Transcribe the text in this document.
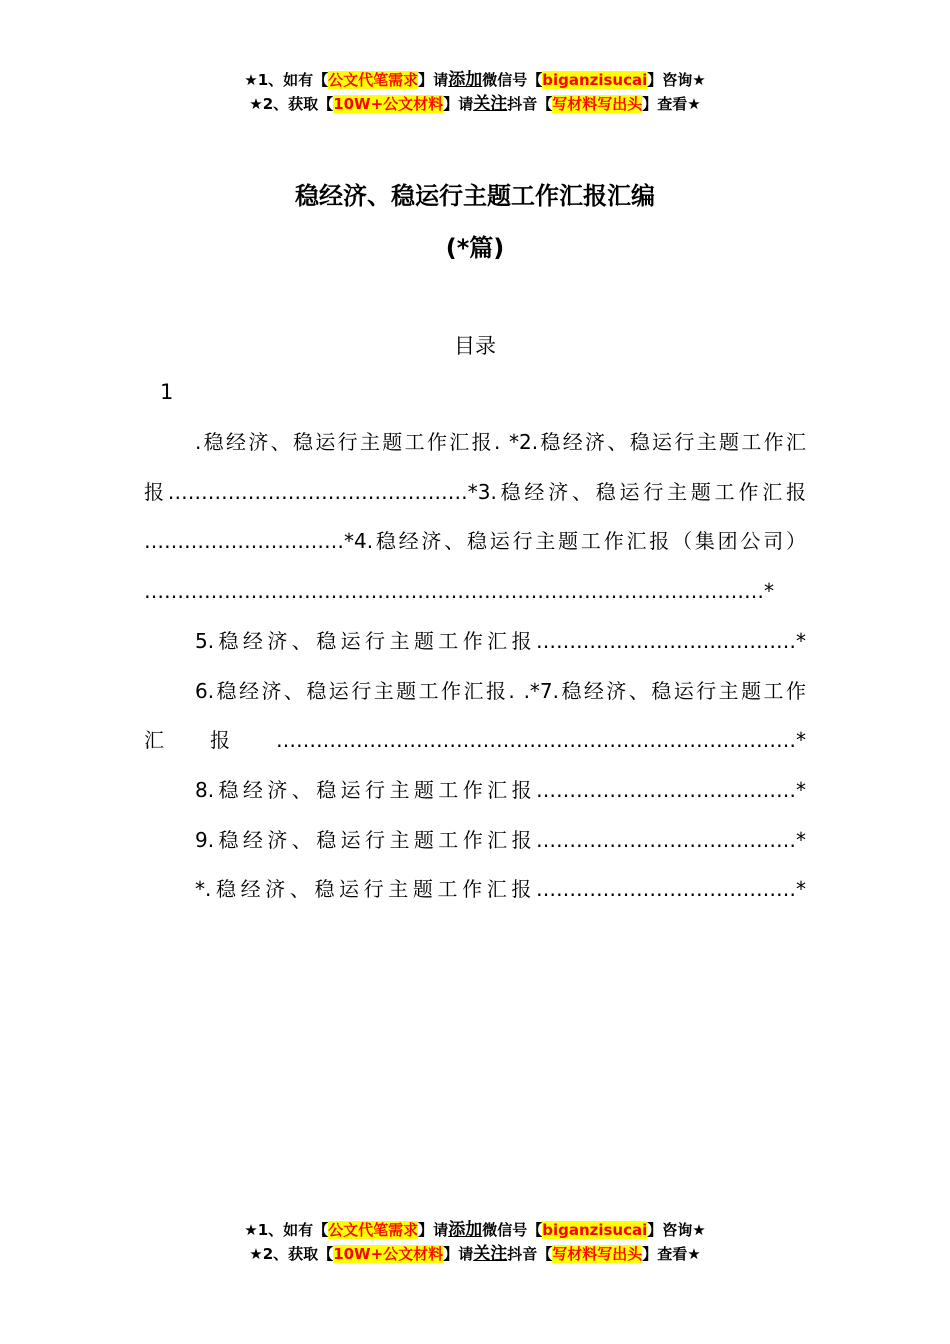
★1、如有【公文代笔需求】请添加微信号【biganzisucai】咨询★
★2、获取【10W+公文材料】请关注抖音【写材料写出头】查看★
稳经济、稳运行主题工作汇报汇编
(*篇)
目录
1

.稳经济、稳运行主题工作汇报. *2.稳经济、稳运行主题工作汇

报………………………………………*3.稳经济、稳运行主题工作汇报

…………………………*4.稳经济、稳运行主题工作汇报（集团公司）

…………………………………………………………………………………*

5.稳经济、稳运行主题工作汇报…………………………………*

6.稳经济、稳运行主题工作汇报. .*7.稳经济、稳运行主题工作

汇报……………………………………………………………………*

8.稳经济、稳运行主题工作汇报…………………………………*

9.稳经济、稳运行主题工作汇报…………………………………*

*.稳经济、稳运行主题工作汇报…………………………………*

★1、如有【公文代笔需求】请添加微信号【biganzisucai】咨询★
★2、获取【10W+公文材料】请关注抖音【写材料写出头】查看★
